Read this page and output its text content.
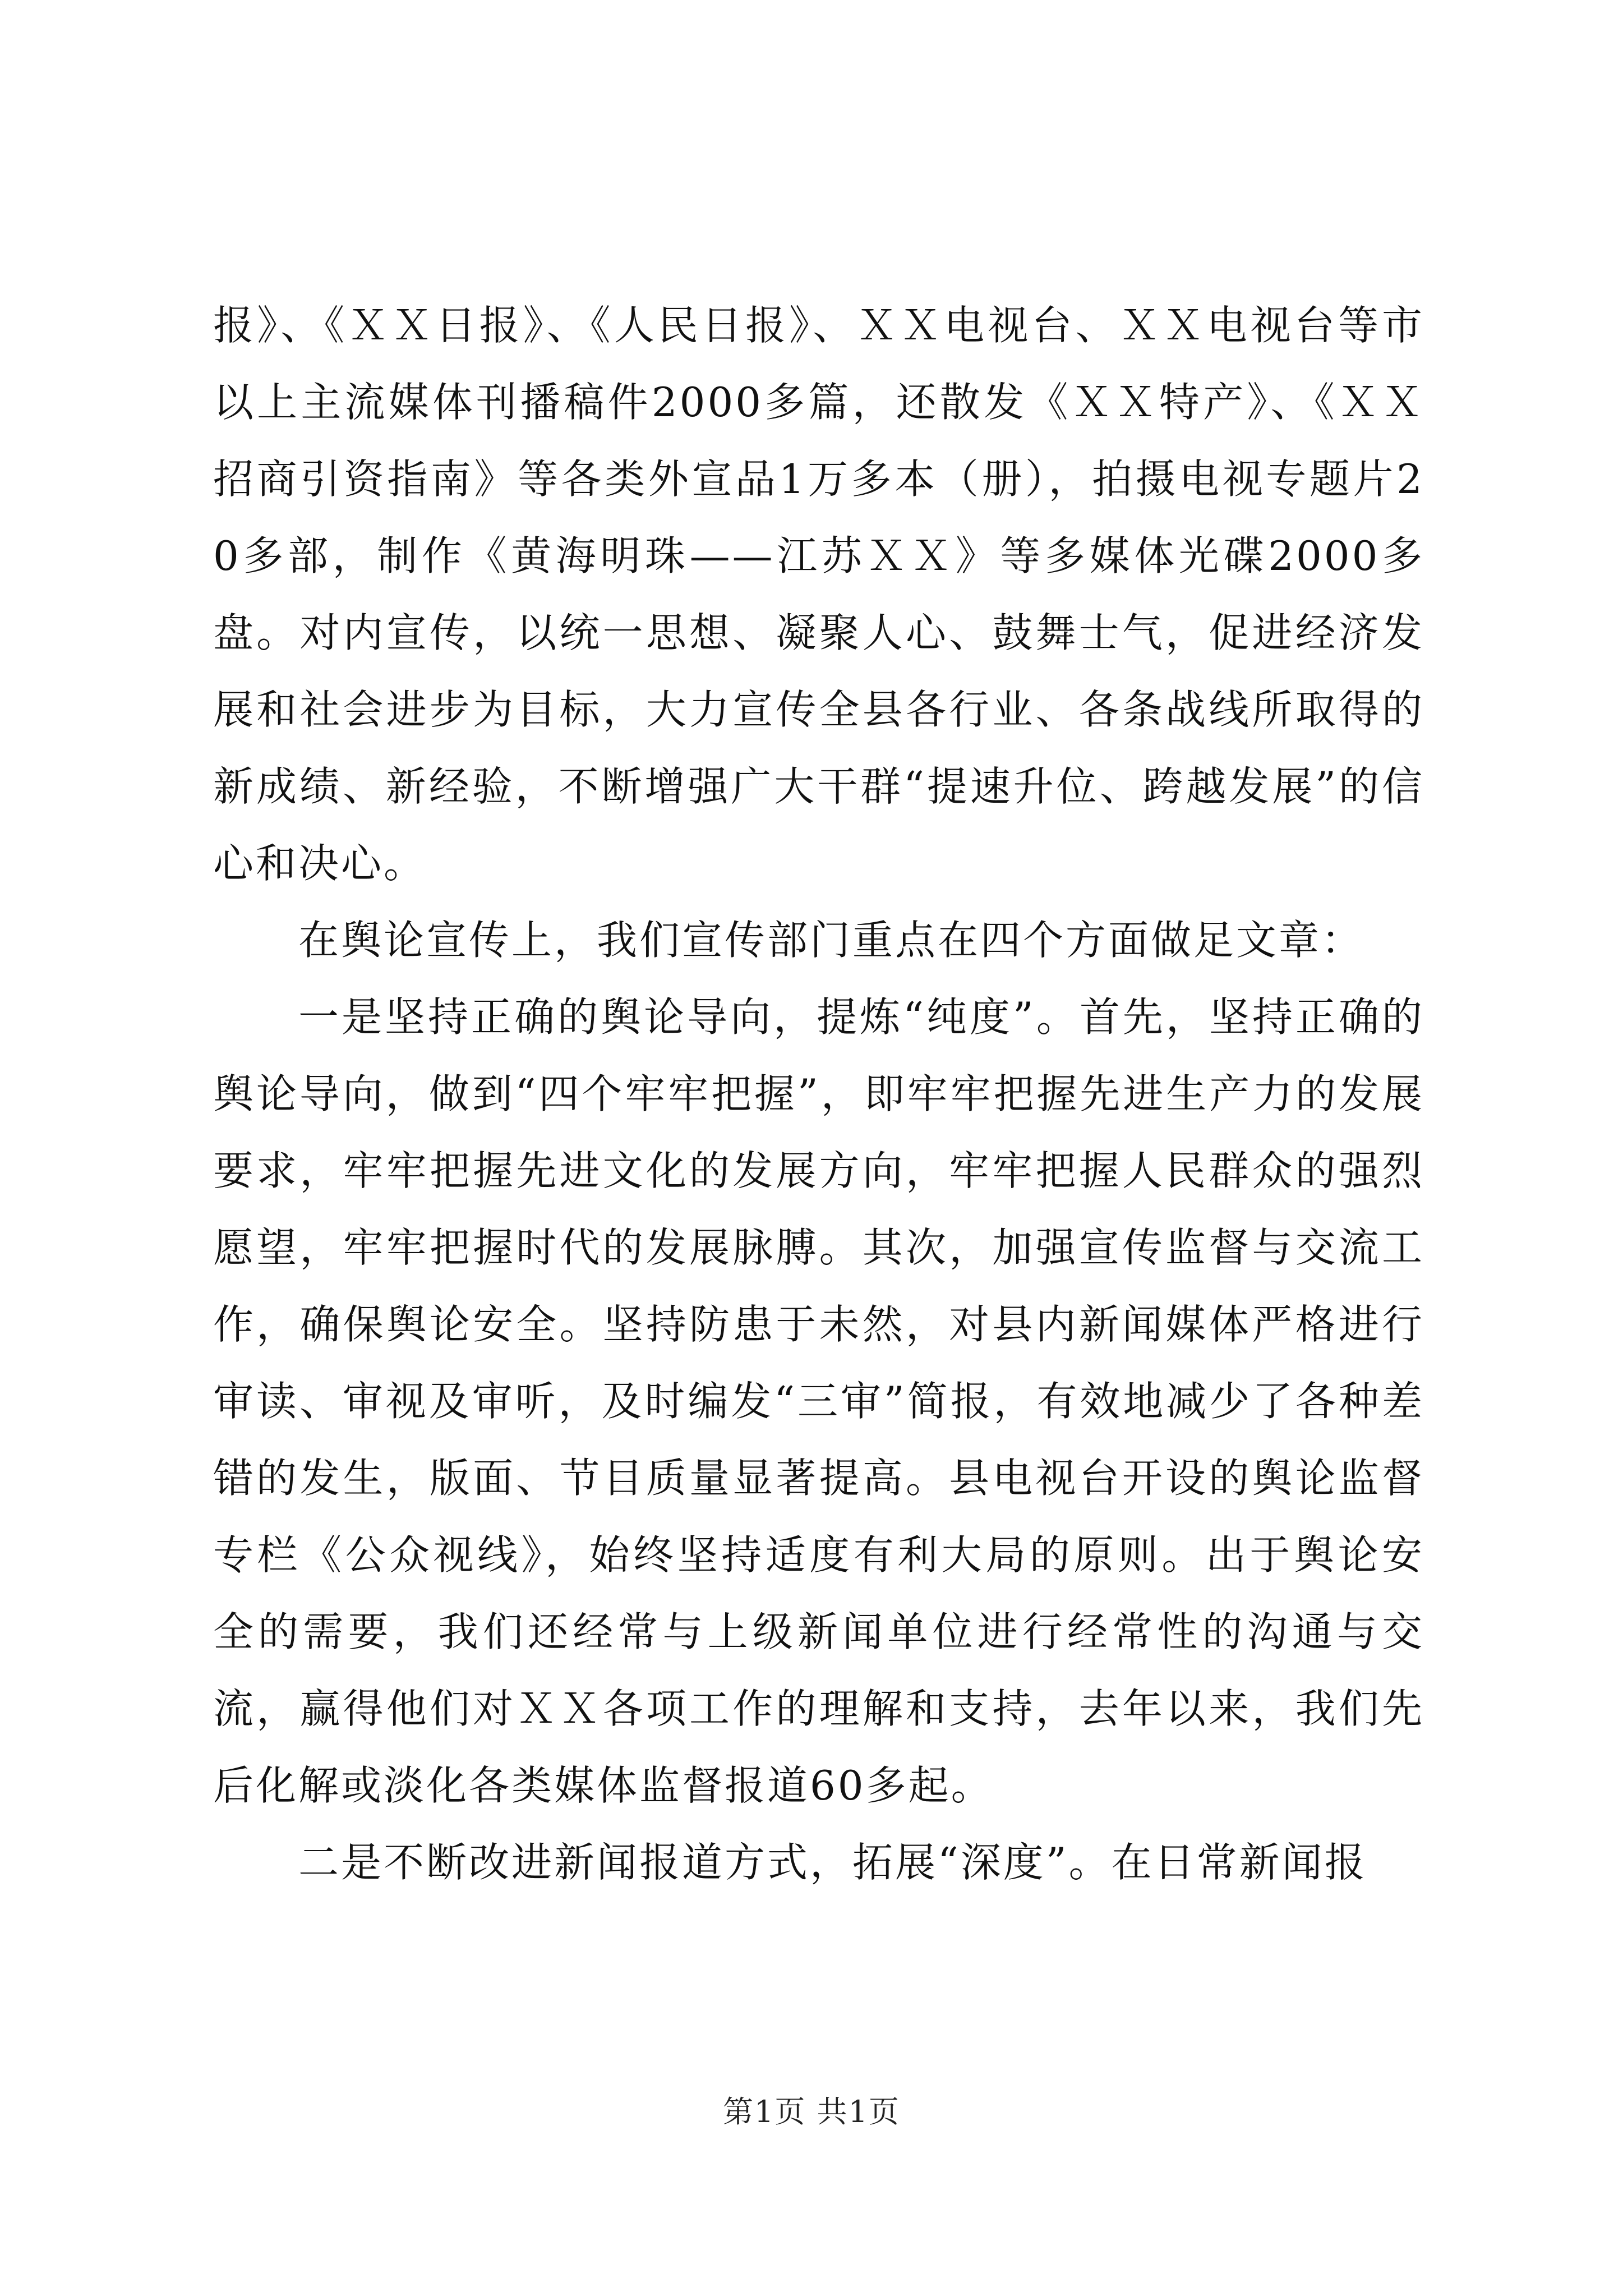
报》、《ＸＸ日报》、《人民日报》、ＸＸ电视台、ＸＸ电视台等市以上主流媒体刊播稿件2000多篇，还散发《ＸＸ特产》、《ＸＸ招商引资指南》等各类外宣品1万多本（册），拍摄电视专题片20多部，制作《黄海明珠——江苏ＸＸ》等多媒体光碟2000多盘。对内宣传，以统一思想、凝聚人心、鼓舞士气，促进经济发展和社会进步为目标，大力宣传全县各行业、各条战线所取得的新成绩、新经验，不断增强广大干群“提速升位、跨越发展”的信心和决心。

在舆论宣传上，我们宣传部门重点在四个方面做足文章：

一是坚持正确的舆论导向，提炼“纯度”。首先，坚持正确的舆论导向，做到“四个牢牢把握”，即牢牢把握先进生产力的发展要求，牢牢把握先进文化的发展方向，牢牢把握人民群众的强烈愿望，牢牢把握时代的发展脉膊。其次，加强宣传监督与交流工作，确保舆论安全。坚持防患于未然，对县内新闻媒体严格进行审读、审视及审听，及时编发“三审”简报，有效地减少了各种差错的发生，版面、节目质量显著提高。县电视台开设的舆论监督专栏《公众视线》，始终坚持适度有利大局的原则。出于舆论安全的需要，我们还经常与上级新闻单位进行经常性的沟通与交流，赢得他们对ＸＸ各项工作的理解和支持，去年以来，我们先后化解或淡化各类媒体监督报道60多起。

二是不断改进新闻报道方式，拓展“深度”。在日常新闻报

第1页 共1页
